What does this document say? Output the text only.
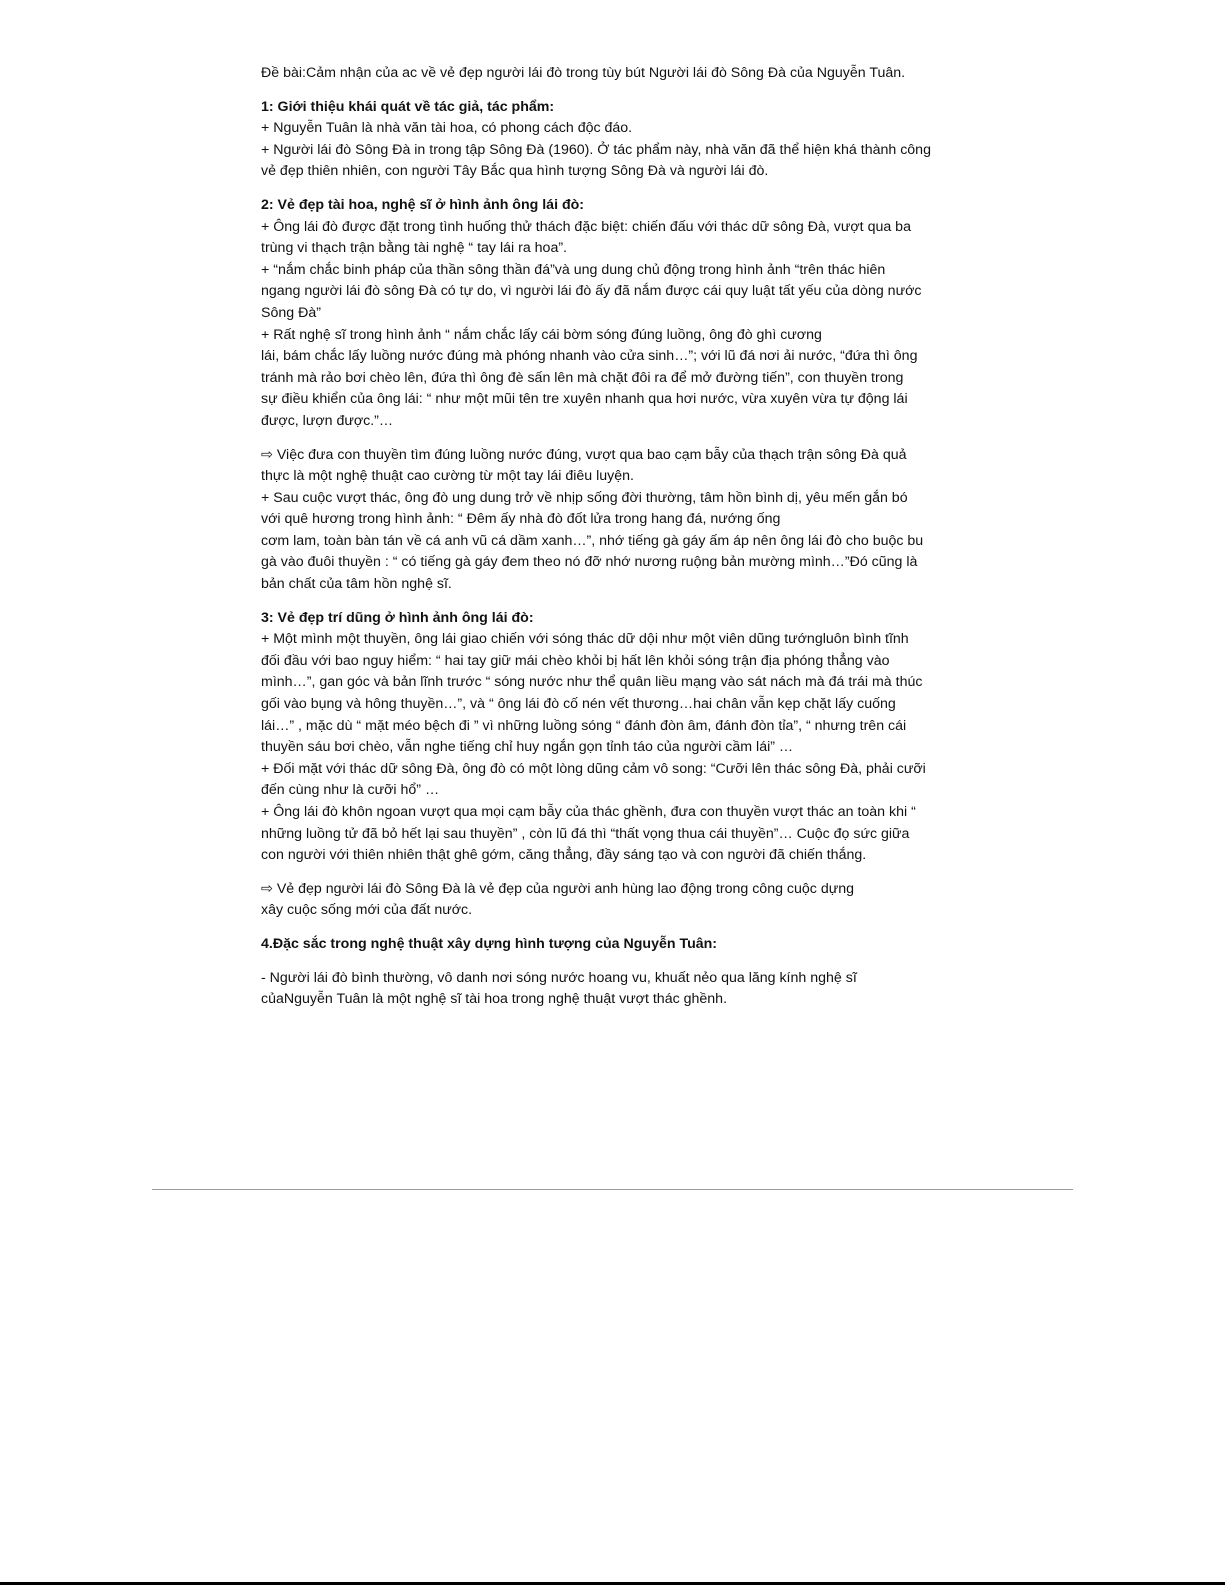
Đề bài:Cảm nhận của ac về vẻ đẹp người lái đò trong tùy bút Người lái đò Sông Đà của Nguyễn Tuân.

1: Giới thiệu khái quát về tác giả, tác phẩm:
+ Nguyễn Tuân là nhà văn tài hoa, có phong cách độc đáo.
+ Người lái đò Sông Đà in trong tập Sông Đà (1960). Ở tác phẩm này, nhà văn đã thể hiện khá thành công
vẻ đẹp thiên nhiên, con người Tây Bắc qua hình tượng Sông Đà và người lái đò.

2: Vẻ đẹp tài hoa, nghệ sĩ ở hình ảnh ông lái đò:
+ Ông lái đò được đặt trong tình huống thử thách đặc biệt: chiến đấu với thác dữ sông Đà, vượt qua ba
trùng vi thạch trận bằng tài nghệ “ tay lái ra hoa”.
+ “nắm chắc binh pháp của thần sông thần đá”và ung dung chủ động trong hình ảnh “trên thác hiên
ngang người lái đò sông Đà có tự do, vì người lái đò ấy đã nắm được cái quy luật tất yếu của dòng nước
Sông Đà”
+ Rất nghệ sĩ trong hình ảnh “ nắm chắc lấy cái bờm sóng đúng luồng, ông đò ghì cương
lái, bám chắc lấy luồng nước đúng mà phóng nhanh vào cửa sinh…”; với lũ đá nơi ải nước, “đứa thì ông
tránh mà rảo bơi chèo lên, đứa thì ông đè sấn lên mà chặt đôi ra để mở đường tiến”, con thuyền trong
sự điều khiển của ông lái: “ như một mũi tên tre xuyên nhanh qua hơi nước, vừa xuyên vừa tự động lái
được, lượn được.”…

⇨ Việc đưa con thuyền tìm đúng luồng nước đúng, vượt qua bao cạm bẫy của thạch trận sông Đà quả
thực là một nghệ thuật cao cường từ một tay lái điêu luyện.
+ Sau cuộc vượt thác, ông đò ung dung trở về nhịp sống đời thường, tâm hồn bình dị, yêu mến gắn bó
với quê hương trong hình ảnh: “ Đêm ấy nhà đò đốt lửa trong hang đá, nướng ống
cơm lam, toàn bàn tán về cá anh vũ cá dầm xanh…”, nhớ tiếng gà gáy ấm áp nên ông lái đò cho buộc bu
gà vào đuôi thuyền : “ có tiếng gà gáy đem theo nó đỡ nhớ nương ruộng bản mường mình…”Đó cũng là
bản chất của tâm hồn nghệ sĩ.

3: Vẻ đẹp trí dũng ở hình ảnh ông lái đò:
+ Một mình một thuyền, ông lái giao chiến với sóng thác dữ dội như một viên dũng tướngluôn bình tĩnh
đối đầu với bao nguy hiểm: “ hai tay giữ mái chèo khỏi bị hất lên khỏi sóng trận địa phóng thẳng vào
mình…”, gan góc và bản lĩnh trước “ sóng nước như thể quân liều mạng vào sát nách mà đá trái mà thúc
gối vào bụng và hông thuyền…”, và “ ông lái đò cố nén vết thương…hai chân vẫn kẹp chặt lấy cuống
lái…” , mặc dù “ mặt méo bệch đi ” vì những luồng sóng “ đánh đòn âm, đánh đòn tỉa”, “ nhưng trên cái
thuyền sáu bơi chèo, vẫn nghe tiếng chỉ huy ngắn gọn tỉnh táo của người cầm lái” …
+ Đối mặt với thác dữ sông Đà, ông đò có một lòng dũng cảm vô song: “Cưỡi lên thác sông Đà, phải cưỡi
đến cùng như là cưỡi hổ” …
+ Ông lái đò khôn ngoan vượt qua mọi cạm bẫy của thác ghềnh, đưa con thuyền vượt thác an toàn khi “
những luồng tử đã bỏ hết lại sau thuyền” , còn lũ đá thì “thất vọng thua cái thuyền”… Cuộc đọ sức giữa
con người với thiên nhiên thật ghê gớm, căng thẳng, đầy sáng tạo và con người đã chiến thắng.

⇨ Vẻ đẹp người lái đò Sông Đà là vẻ đẹp của người anh hùng lao động trong công cuộc dựng
xây cuộc sống mới của đất nước.

4.Đặc sắc trong nghệ thuật xây dựng hình tượng của Nguyễn Tuân:

- Người lái đò bình thường, vô danh nơi sóng nước hoang vu, khuất nẻo qua lăng kính nghệ sĩ
củaNguyễn Tuân là một nghệ sĩ tài hoa trong nghệ thuật vượt thác ghềnh.
